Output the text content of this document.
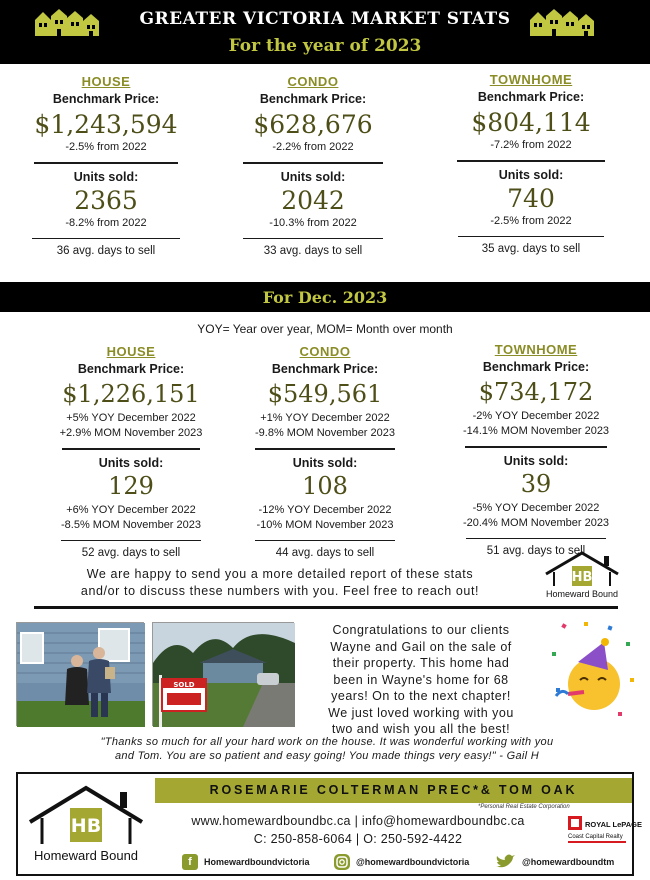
GREATER VICTORIA MARKET STATS
For the year of 2023
HOUSE
Benchmark Price:
$1,243,594
-2.5% from 2022
Units sold:
2365
-8.2% from 2022
36 avg. days to sell
CONDO
Benchmark Price:
$628,676
-2.2% from 2022
Units sold:
2042
-10.3% from 2022
33 avg. days to sell
TOWNHOME
Benchmark Price:
$804,114
-7.2% from 2022
Units sold:
740
-2.5% from 2022
35 avg. days to sell
For Dec. 2023
YOY= Year over year, MOM= Month over month
HOUSE
Benchmark Price:
$1,226,151
+5% YOY December 2022
+2.9% MOM November 2023
Units sold:
129
+6% YOY December 2022
-8.5% MOM November 2023
52 avg. days to sell
CONDO
Benchmark Price:
$549,561
+1% YOY December 2022
-9.8% MOM November 2023
Units sold:
108
-12% YOY December 2022
-10% MOM November 2023
44 avg. days to sell
TOWNHOME
Benchmark Price:
$734,172
-2% YOY December 2022
-14.1% MOM November 2023
Units sold:
39
-5% YOY December 2022
-20.4% MOM November 2023
51 avg. days to sell
We are happy to send you a more detailed report of these stats
and/or to discuss these numbers with you. Feel free to reach out!
HB
Homeward Bound
SOLD
Congratulations to our clients
Wayne and Gail on the sale of
their property. This home had
been in Wayne's home for 68
years! On to the next chapter!
We just loved working with you
two and wish you all the best!
"Thanks so much for all your hard work on the house. It was wonderful working with you
and Tom. You are so patient and easy going! You made things very easy!" - Gail H
HB
Homeward Bound
ROSEMARIE COLTERMAN PREC*& TOM OAK
*Personal Real Estate Corporation
www.homewardboundbc.ca | info@homewardboundbc.ca
C: 250-858-6064 | O: 250-592-4422
ROYAL LePAGE
Coast Capital Realty
f	Homewardboundvictoria	@homewardboundvictoria	@homewardboundtm
